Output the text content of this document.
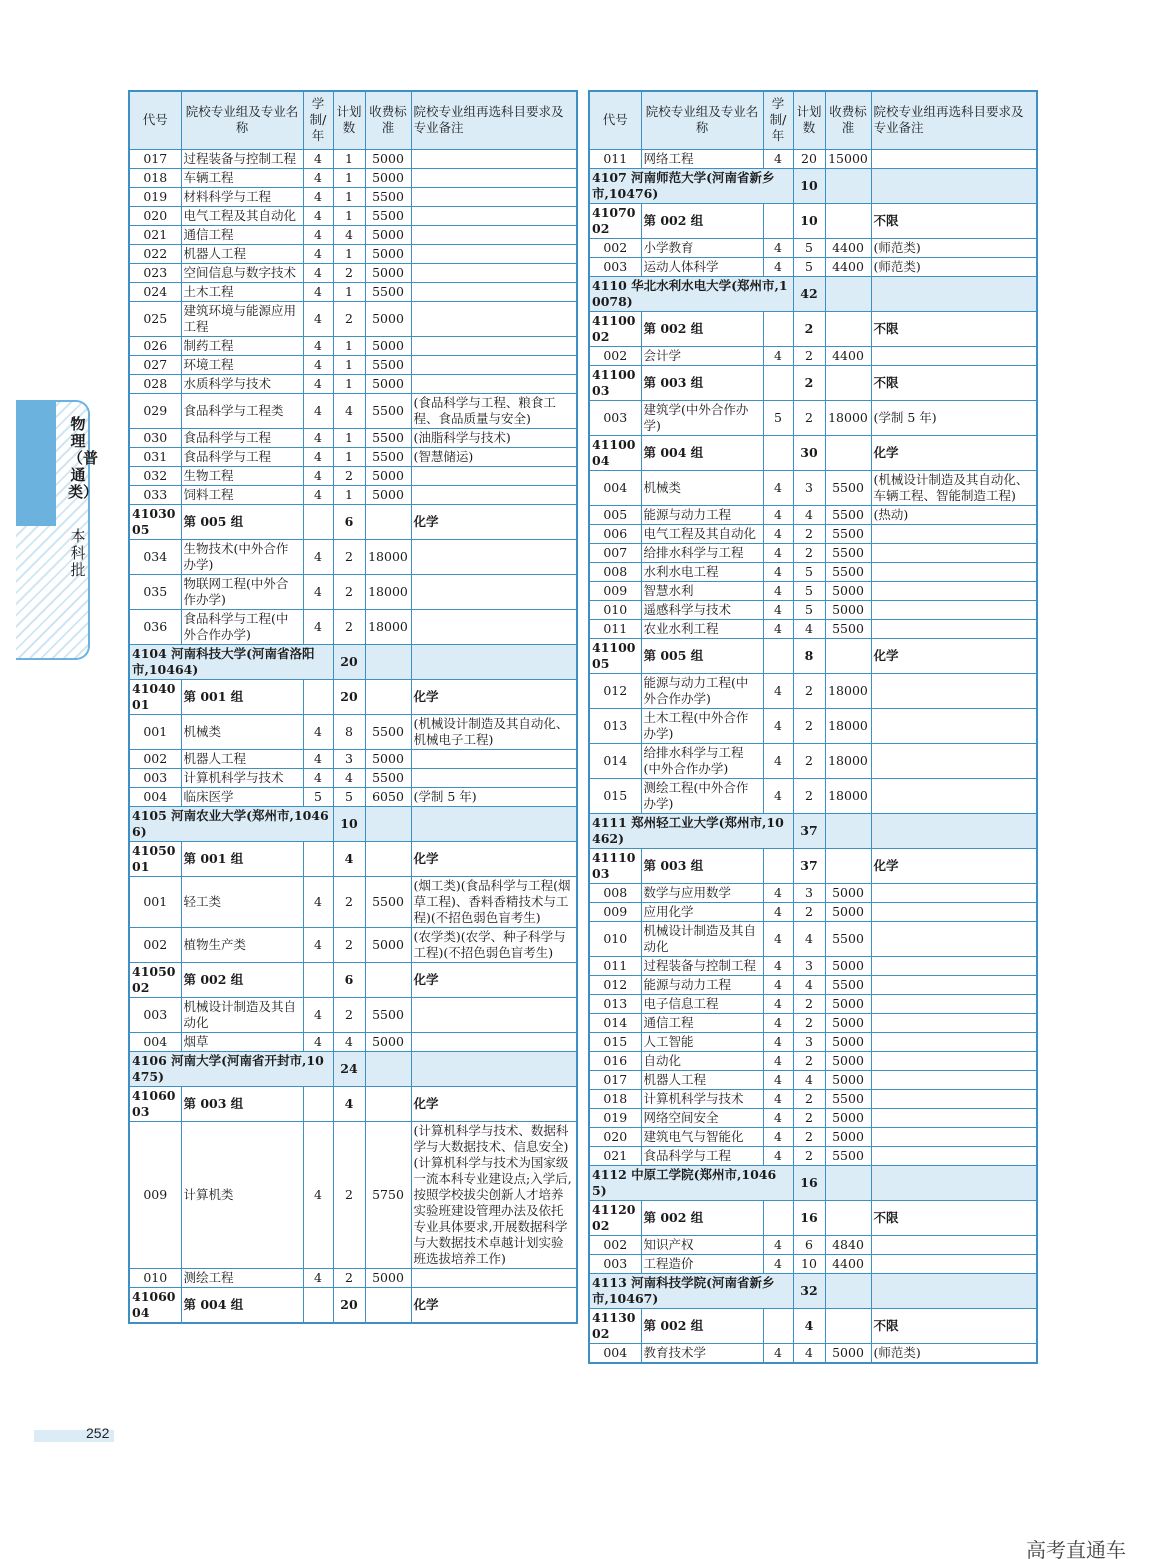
物理（普通类）
本科批
代号	院校专业组及专业名称	学制/年	计划数	收费标准	院校专业组再选科目要求及专业备注
017	过程装备与控制工程	4	1	5000	
018	车辆工程	4	1	5000	
019	材料科学与工程	4	1	5500	
020	电气工程及其自动化	4	1	5500	
021	通信工程	4	4	5000	
022	机器人工程	4	1	5000	
023	空间信息与数字技术	4	2	5000	
024	土木工程	4	1	5500	
025	建筑环境与能源应用工程	4	2	5000	
026	制药工程	4	1	5000	
027	环境工程	4	1	5500	
028	水质科学与技术	4	1	5000	
029	食品科学与工程类	4	4	5500	(食品科学与工程、粮食工程、食品质量与安全)
030	食品科学与工程	4	1	5500	(油脂科学与技术)
031	食品科学与工程	4	1	5500	(智慧储运)
032	生物工程	4	2	5000	
033	饲料工程	4	1	5000	
4103005	第 005 组		6		化学
034	生物技术(中外合作办学)	4	2	18000	
035	物联网工程(中外合作办学)	4	2	18000	
036	食品科学与工程(中外合作办学)	4	2	18000	
4104 河南科技大学(河南省洛阳市,10464)			20		
4104001	第 001 组		20		化学
001	机械类	4	8	5500	(机械设计制造及其自动化、机械电子工程)
002	机器人工程	4	3	5000	
003	计算机科学与技术	4	4	5500	
004	临床医学	5	5	6050	(学制 5 年)
4105 河南农业大学(郑州市,10466)			10		
4105001	第 001 组		4		化学
001	轻工类	4	2	5500	(烟工类)(食品科学与工程(烟草工程)、香料香精技术与工程)(不招色弱色盲考生)
002	植物生产类	4	2	5000	(农学类)(农学、种子科学与工程)(不招色弱色盲考生)
4105002	第 002 组		6		化学
003	机械设计制造及其自动化	4	2	5500	
004	烟草	4	4	5000	
4106 河南大学(河南省开封市,10475)			24		
4106003	第 003 组		4		化学
009	计算机类	4	2	5750	(计算机科学与技术、数据科学与大数据技术、信息安全)(计算机科学与技术为国家级一流本科专业建设点;入学后,按照学校拔尖创新人才培养实验班建设管理办法及依托专业具体要求,开展数据科学与大数据技术卓越计划实验班选拔培养工作)
010	测绘工程	4	2	5000	
4106004	第 004 组		20		化学
代号	院校专业组及专业名称	学制/年	计划数	收费标准	院校专业组再选科目要求及专业备注
011	网络工程	4	20	15000	
4107 河南师范大学(河南省新乡市,10476)			10		
4107002	第 002 组		10		不限
002	小学教育	4	5	4400	(师范类)
003	运动人体科学	4	5	4400	(师范类)
4110 华北水利水电大学(郑州市,10078)			42		
4110002	第 002 组		2		不限
002	会计学	4	2	4400	
4110003	第 003 组		2		不限
003	建筑学(中外合作办学)	5	2	18000	(学制 5 年)
4110004	第 004 组		30		化学
004	机械类	4	3	5500	(机械设计制造及其自动化、车辆工程、智能制造工程)
005	能源与动力工程	4	4	5500	(热动)
006	电气工程及其自动化	4	2	5500	
007	给排水科学与工程	4	2	5500	
008	水利水电工程	4	5	5500	
009	智慧水利	4	5	5000	
010	遥感科学与技术	4	5	5000	
011	农业水利工程	4	4	5500	
4110005	第 005 组		8		化学
012	能源与动力工程(中外合作办学)	4	2	18000	
013	土木工程(中外合作办学)	4	2	18000	
014	给排水科学与工程(中外合作办学)	4	2	18000	
015	测绘工程(中外合作办学)	4	2	18000	
4111 郑州轻工业大学(郑州市,10462)			37		
4111003	第 003 组		37		化学
008	数学与应用数学	4	3	5000	
009	应用化学	4	2	5000	
010	机械设计制造及其自动化	4	4	5500	
011	过程装备与控制工程	4	3	5000	
012	能源与动力工程	4	4	5500	
013	电子信息工程	4	2	5000	
014	通信工程	4	2	5000	
015	人工智能	4	3	5000	
016	自动化	4	2	5000	
017	机器人工程	4	4	5000	
018	计算机科学与技术	4	2	5500	
019	网络空间安全	4	2	5000	
020	建筑电气与智能化	4	2	5000	
021	食品科学与工程	4	2	5500	
4112 中原工学院(郑州市,10465)			16		
4112002	第 002 组		16		不限
002	知识产权	4	6	4840	
003	工程造价	4	10	4400	
4113 河南科技学院(河南省新乡市,10467)			32		
4113002	第 002 组		4		不限
004	教育技术学	4	4	5000	(师范类)
252
高考直通车
